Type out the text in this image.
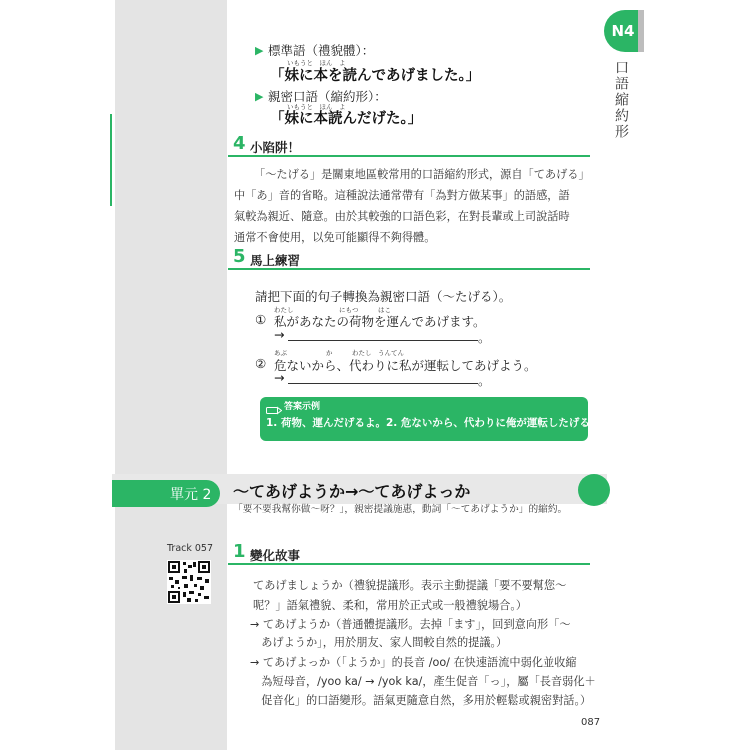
N4
口語縮約形
▶ 標準語（禮貌體）：
いもうと　ほん　よ
「妹に本を読んであげました。」
▶ 親密口語（縮約形）：
いもうと　ほん　よ
「妹に本読んだげた。」
4 小陷阱！
「～たげる」是關東地區較常用的口語縮約形式，源自「てあげる」
中「あ」音的省略。這種說法通常帶有「為對方做某事」的語感，語
氣較為親近、隨意。由於其較強的口語色彩，在對長輩或上司說話時
通常不會使用，以免可能顯得不夠得體。
5 馬上練習
請把下面的句子轉換為親密口語（～たげる）。
わたし　　　　　　　にもつ　　　はこ
① 私があなたの荷物を運んであげます。
→	。
あぶ　　　　　　か　　　わたし　うんてん
② 危ないから、代わりに私が運転してあげよう。
→	。
答案示例
1. 荷物、運んだげるよ。2. 危ないから、代わりに俺が運転したげる。
單元 2 ～てあげようか→～てあげよっか
「要不要我幫你做～呀？」，親密提議施惠，動詞「～てあげようか」的縮約。
Track 057 1 變化故事
てあげましょうか（禮貌提議形。表示主動提議「要不要幫您～
呢？」語氣禮貌、柔和，常用於正式或一般禮貌場合。）
→ てあげようか（普通體提議形。去掉「ます」，回到意向形「～
　あげようか」，用於朋友、家人間較自然的提議。）
→ てあげよっか（「ようか」的長音 /oo/ 在快速語流中弱化並收縮
　為短母音，/yoo ka/ → /yok ka/，產生促音「っ」，屬「長音弱化＋
　促音化」的口語變形。語氣更隨意自然，多用於輕鬆或親密對話。）
087
